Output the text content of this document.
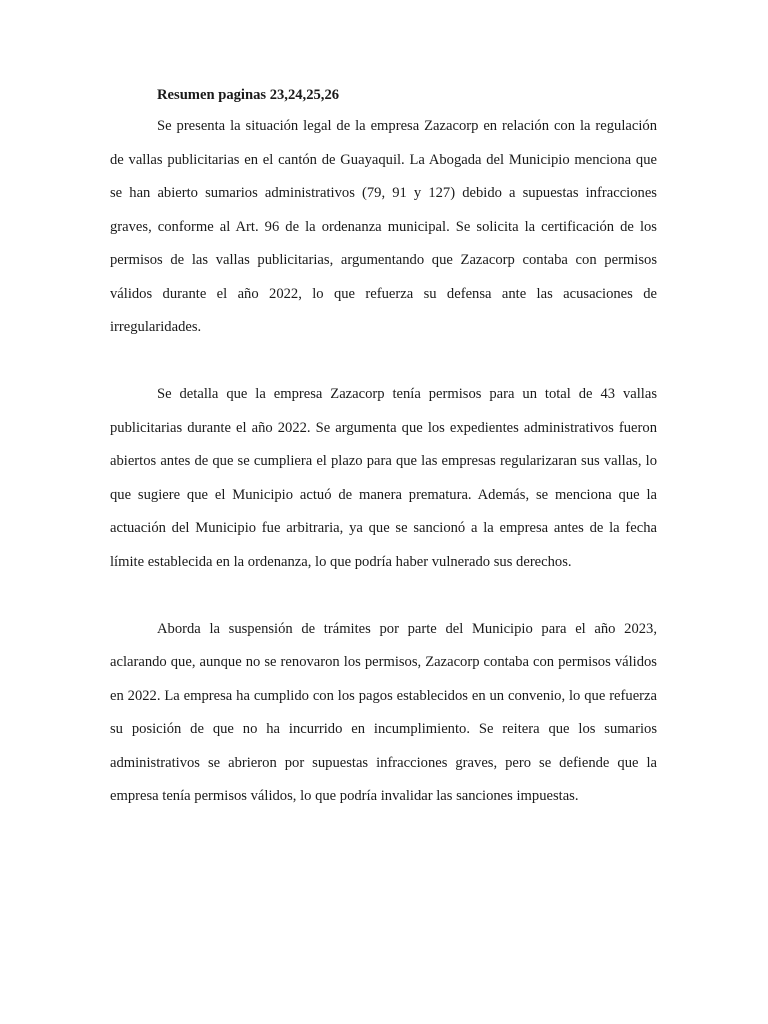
Resumen paginas 23,24,25,26

Se presenta la situación legal de la empresa Zazacorp en relación con la regulación de vallas publicitarias en el cantón de Guayaquil. La Abogada del Municipio menciona que se han abierto sumarios administrativos (79, 91 y 127) debido a supuestas infracciones graves, conforme al Art. 96 de la ordenanza municipal. Se solicita la certificación de los permisos de las vallas publicitarias, argumentando que Zazacorp contaba con permisos válidos durante el año 2022, lo que refuerza su defensa ante las acusaciones de irregularidades.

Se detalla que la empresa Zazacorp tenía permisos para un total de 43 vallas publicitarias durante el año 2022. Se argumenta que los expedientes administrativos fueron abiertos antes de que se cumpliera el plazo para que las empresas regularizaran sus vallas, lo que sugiere que el Municipio actuó de manera prematura. Además, se menciona que la actuación del Municipio fue arbitraria, ya que se sancionó a la empresa antes de la fecha límite establecida en la ordenanza, lo que podría haber vulnerado sus derechos.

Aborda la suspensión de trámites por parte del Municipio para el año 2023, aclarando que, aunque no se renovaron los permisos, Zazacorp contaba con permisos válidos en 2022. La empresa ha cumplido con los pagos establecidos en un convenio, lo que refuerza su posición de que no ha incurrido en incumplimiento. Se reitera que los sumarios administrativos se abrieron por supuestas infracciones graves, pero se defiende que la empresa tenía permisos válidos, lo que podría invalidar las sanciones impuestas.
